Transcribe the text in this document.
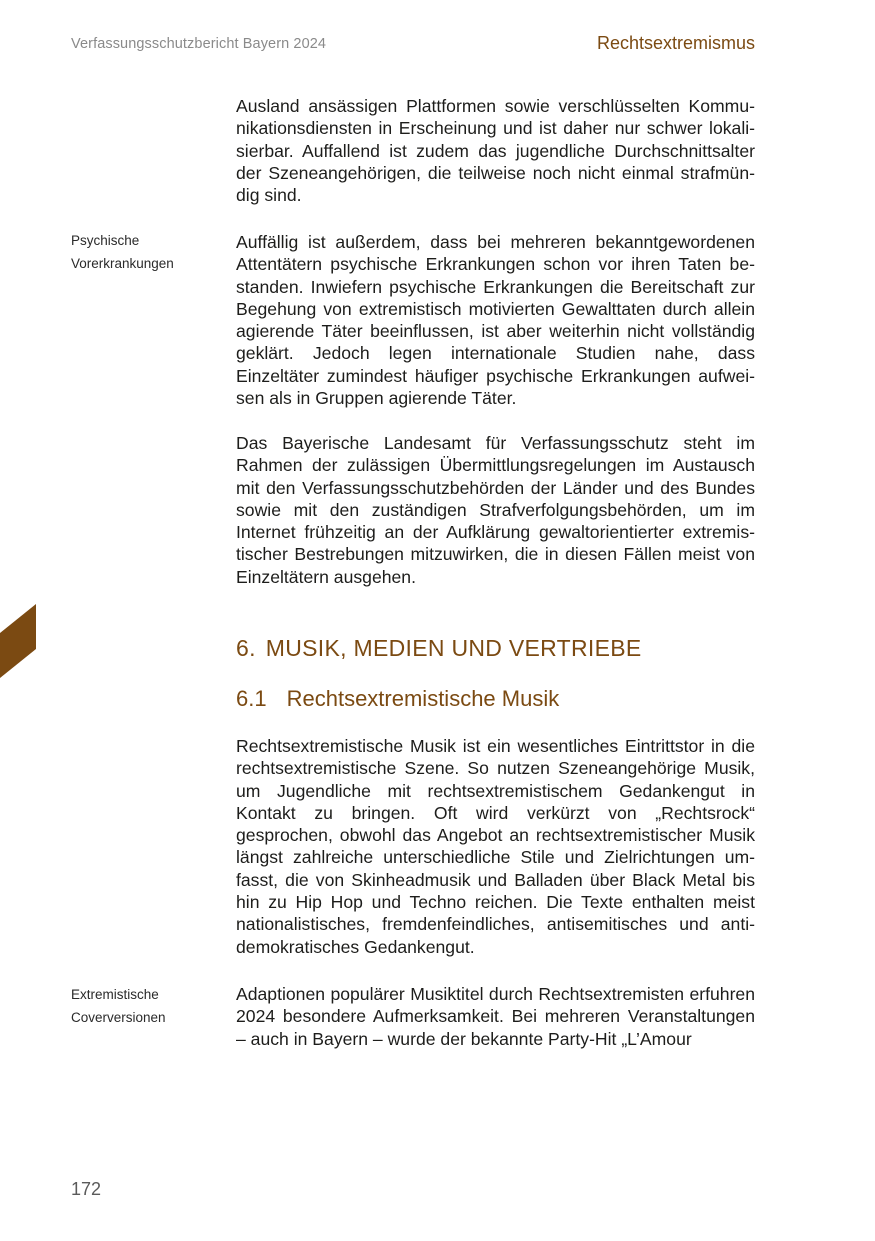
Verfassungsschutzbericht Bayern 2024	Rechtsextremismus

Ausland ansässigen Plattformen sowie verschlüsselten Kommunikationsdiensten in Erscheinung und ist daher nur schwer lokalisierbar. Auffallend ist zudem das jugendliche Durchschnittsalter der Szeneangehörigen, die teilweise noch nicht einmal strafmündig sind.

Psychische
Vorerkrankungen

Auffällig ist außerdem, dass bei mehreren bekanntgewordenen Attentätern psychische Erkrankungen schon vor ihren Taten bestanden. Inwiefern psychische Erkrankungen die Bereitschaft zur Begehung von extremistisch motivierten Gewalttaten durch allein agierende Täter beeinflussen, ist aber weiterhin nicht vollständig geklärt. Jedoch legen internationale Studien nahe, dass Einzeltäter zumindest häufiger psychische Erkrankungen aufweisen als in Gruppen agierende Täter.

Das Bayerische Landesamt für Verfassungsschutz steht im Rahmen der zulässigen Übermittlungsregelungen im Austausch mit den Verfassungsschutzbehörden der Länder und des Bundes sowie mit den zuständigen Strafverfolgungsbehörden, um im Internet frühzeitig an der Aufklärung gewaltorientierter extremistischer Bestrebungen mitzuwirken, die in diesen Fällen meist von Einzeltätern ausgehen.

6. MUSIK, MEDIEN UND VERTRIEBE
6.1 Rechtsextremistische Musik

Rechtsextremistische Musik ist ein wesentliches Eintrittstor in die rechtsextremistische Szene. So nutzen Szeneangehörige Musik, um Jugendliche mit rechtsextremistischem Gedankengut in Kontakt zu bringen. Oft wird verkürzt von „Rechtsrock“ gesprochen, obwohl das Angebot an rechtsextremistischer Musik längst zahlreiche unterschiedliche Stile und Zielrichtungen umfasst, die von Skinheadmusik und Balladen über Black Metal bis hin zu Hip Hop und Techno reichen. Die Texte enthalten meist nationalistisches, fremdenfeindliches, antisemitisches und antidemokratisches Gedankengut.

Extremistische
Coverversionen

Adaptionen populärer Musiktitel durch Rechtsextremisten erfuhren 2024 besondere Aufmerksamkeit. Bei mehreren Veranstaltungen – auch in Bayern – wurde der bekannte Party-Hit „L’Amour

172
